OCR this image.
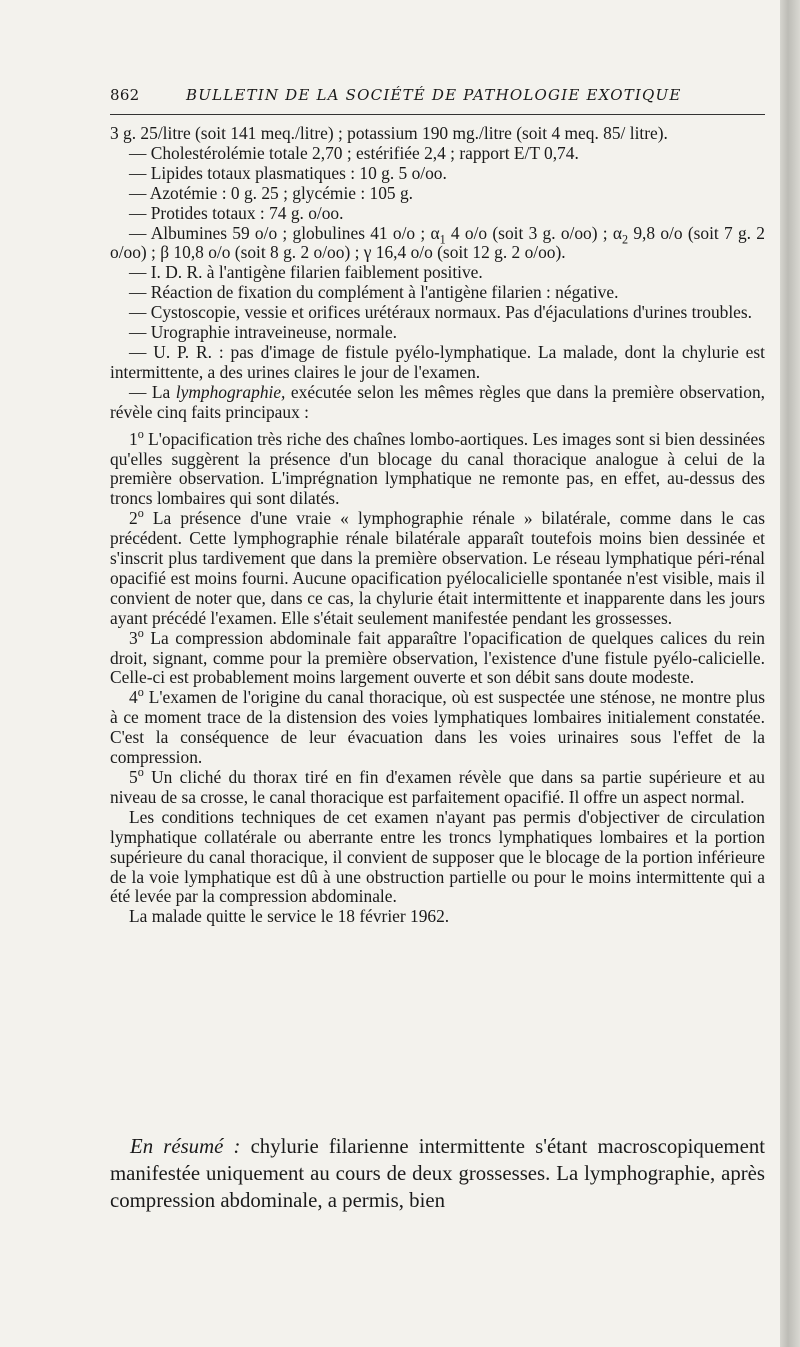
862	BULLETIN DE LA SOCIÉTÉ DE PATHOLOGIE EXOTIQUE

3 g. 25/litre (soit 141 meq./litre) ; potassium 190 mg./litre (soit 4 meq. 85/ litre).

— Cholestérolémie totale 2,70 ; estérifiée 2,4 ; rapport E/T 0,74.

— Lipides totaux plasmatiques : 10 g. 5 o/oo.

— Azotémie : 0 g. 25 ; glycémie : 105 g.

— Protides totaux : 74 g. o/oo.

— Albumines 59 o/o ; globulines 41 o/o ; $\alpha_1$ 4 o/o (soit 3 g. o/oo) ; $\alpha_2$ 9,8 o/o (soit 7 g. 2 o/oo) ; β 10,8 o/o (soit 8 g. 2 o/oo) ; γ 16,4 o/o (soit 12 g. 2 o/oo).

— I. D. R. à l'antigène filarien faiblement positive.

— Réaction de fixation du complément à l'antigène filarien : négative.

— Cystoscopie, vessie et orifices urétéraux normaux. Pas d'éjaculations d'urines troubles.

— Urographie intraveineuse, normale.

— U. P. R. : pas d'image de fistule pyélo-lymphatique. La malade, dont la chylurie est intermittente, a des urines claires le jour de l'examen.

— La lymphographie, exécutée selon les mêmes règles que dans la première observation, révèle cinq faits principaux :

1$^o$ L'opacification très riche des chaînes lombo-aortiques. Les images sont si bien dessinées qu'elles suggèrent la présence d'un blocage du canal thoracique analogue à celui de la première observation. L'imprégnation lymphatique ne remonte pas, en effet, au-dessus des troncs lombaires qui sont dilatés.

2$^o$ La présence d'une vraie « lymphographie rénale » bilatérale, comme dans le cas précédent. Cette lymphographie rénale bilatérale apparaît toutefois moins bien dessinée et s'inscrit plus tardivement que dans la première observation. Le réseau lymphatique péri-rénal opacifié est moins fourni. Aucune opacification pyélocalicielle spontanée n'est visible, mais il convient de noter que, dans ce cas, la chylurie était intermittente et inapparente dans les jours ayant précédé l'examen. Elle s'était seulement manifestée pendant les grossesses.

3$^o$ La compression abdominale fait apparaître l'opacification de quelques calices du rein droit, signant, comme pour la première observation, l'existence d'une fistule pyélo-calicielle. Celle-ci est probablement moins largement ouverte et son débit sans doute modeste.

4$^o$ L'examen de l'origine du canal thoracique, où est suspectée une sténose, ne montre plus à ce moment trace de la distension des voies lymphatiques lombaires initialement constatée. C'est la conséquence de leur évacuation dans les voies urinaires sous l'effet de la compression.

5$^o$ Un cliché du thorax tiré en fin d'examen révèle que dans sa partie supérieure et au niveau de sa crosse, le canal thoracique est parfaitement opacifié. Il offre un aspect normal.

Les conditions techniques de cet examen n'ayant pas permis d'objectiver de circulation lymphatique collatérale ou aberrante entre les troncs lymphatiques lombaires et la portion supérieure du canal thoracique, il convient de supposer que le blocage de la portion inférieure de la voie lymphatique est dû à une obstruction partielle ou pour le moins intermittente qui a été levée par la compression abdominale.

La malade quitte le service le 18 février 1962.

En résumé : chylurie filarienne intermittente s'étant macroscopiquement manifestée uniquement au cours de deux grossesses. La lymphographie, après compression abdominale, a permis, bien
